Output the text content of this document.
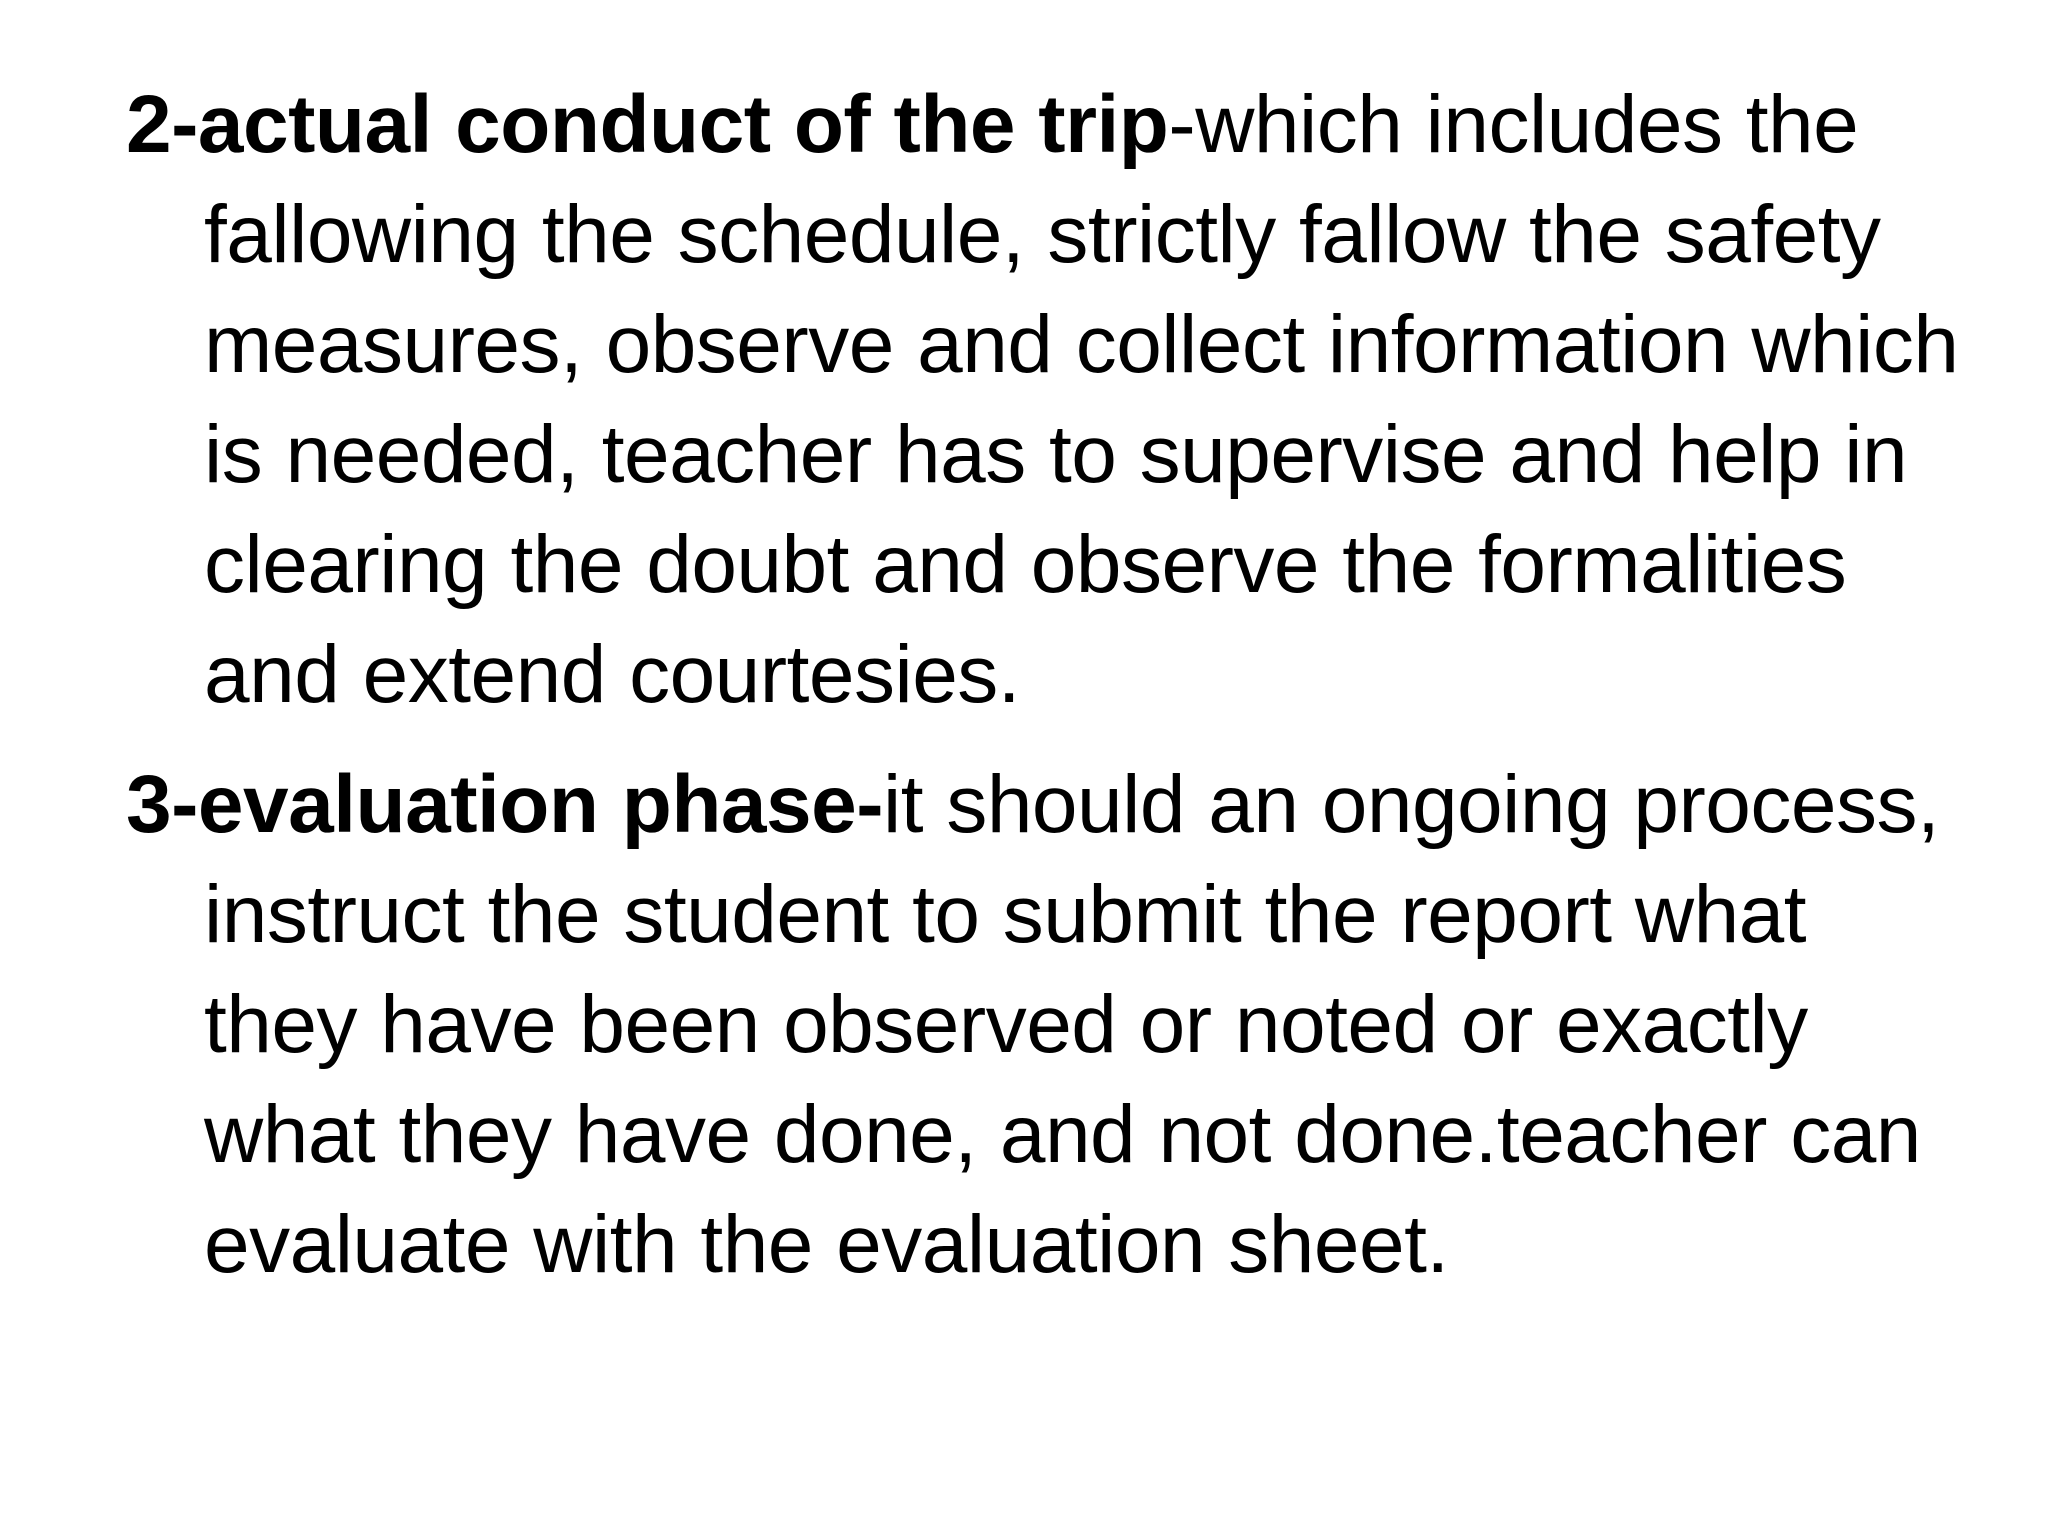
2-actual conduct of the trip-which includes the fallowing the schedule, strictly fallow the safety measures, observe and collect information which is needed, teacher has to supervise and help in clearing the doubt and observe the formalities and extend courtesies.
3-evaluation phase-it should an ongoing process, instruct the student to submit the report what they have been observed or noted or exactly what they have done, and not done.teacher can evaluate with the evaluation sheet.
